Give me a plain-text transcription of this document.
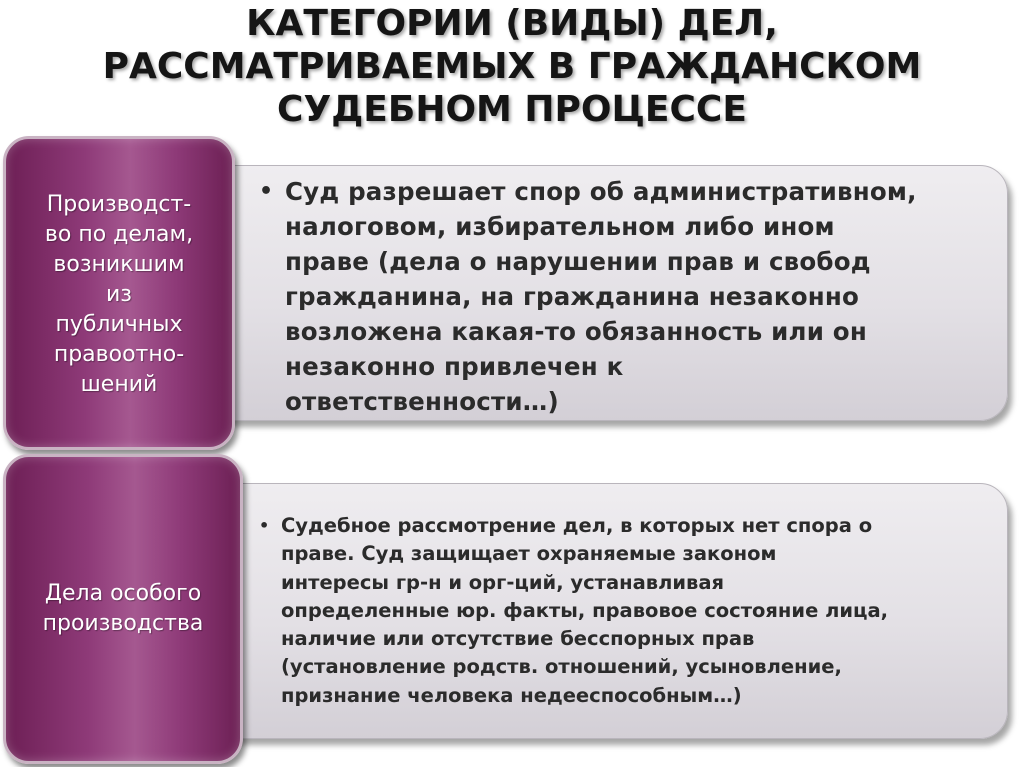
КАТЕГОРИИ (ВИДЫ) ДЕЛ,
РАССМАТРИВАЕМЫХ В ГРАЖДАНСКОМ
СУДЕБНОМ ПРОЦЕССЕ
• Суд разрешает спор об административном,
налоговом, избирательном либо ином
праве (дела о нарушении прав и свобод
гражданина, на гражданина незаконно
возложена какая-то обязанность или он
незаконно привлечен к
ответственности…)
Производст-
во по делам,
возникшим
из
публичных
правоотно-
шений
• Судебное рассмотрение дел, в которых нет спора о
праве. Суд защищает охраняемые законом
интересы гр-н и орг-ций, устанавливая
определенные юр. факты, правовое состояние лица,
наличие или отсутствие бесспорных прав
(установление родств. отношений, усыновление,
признание человека недееспособным…)
Дела особого
производства
